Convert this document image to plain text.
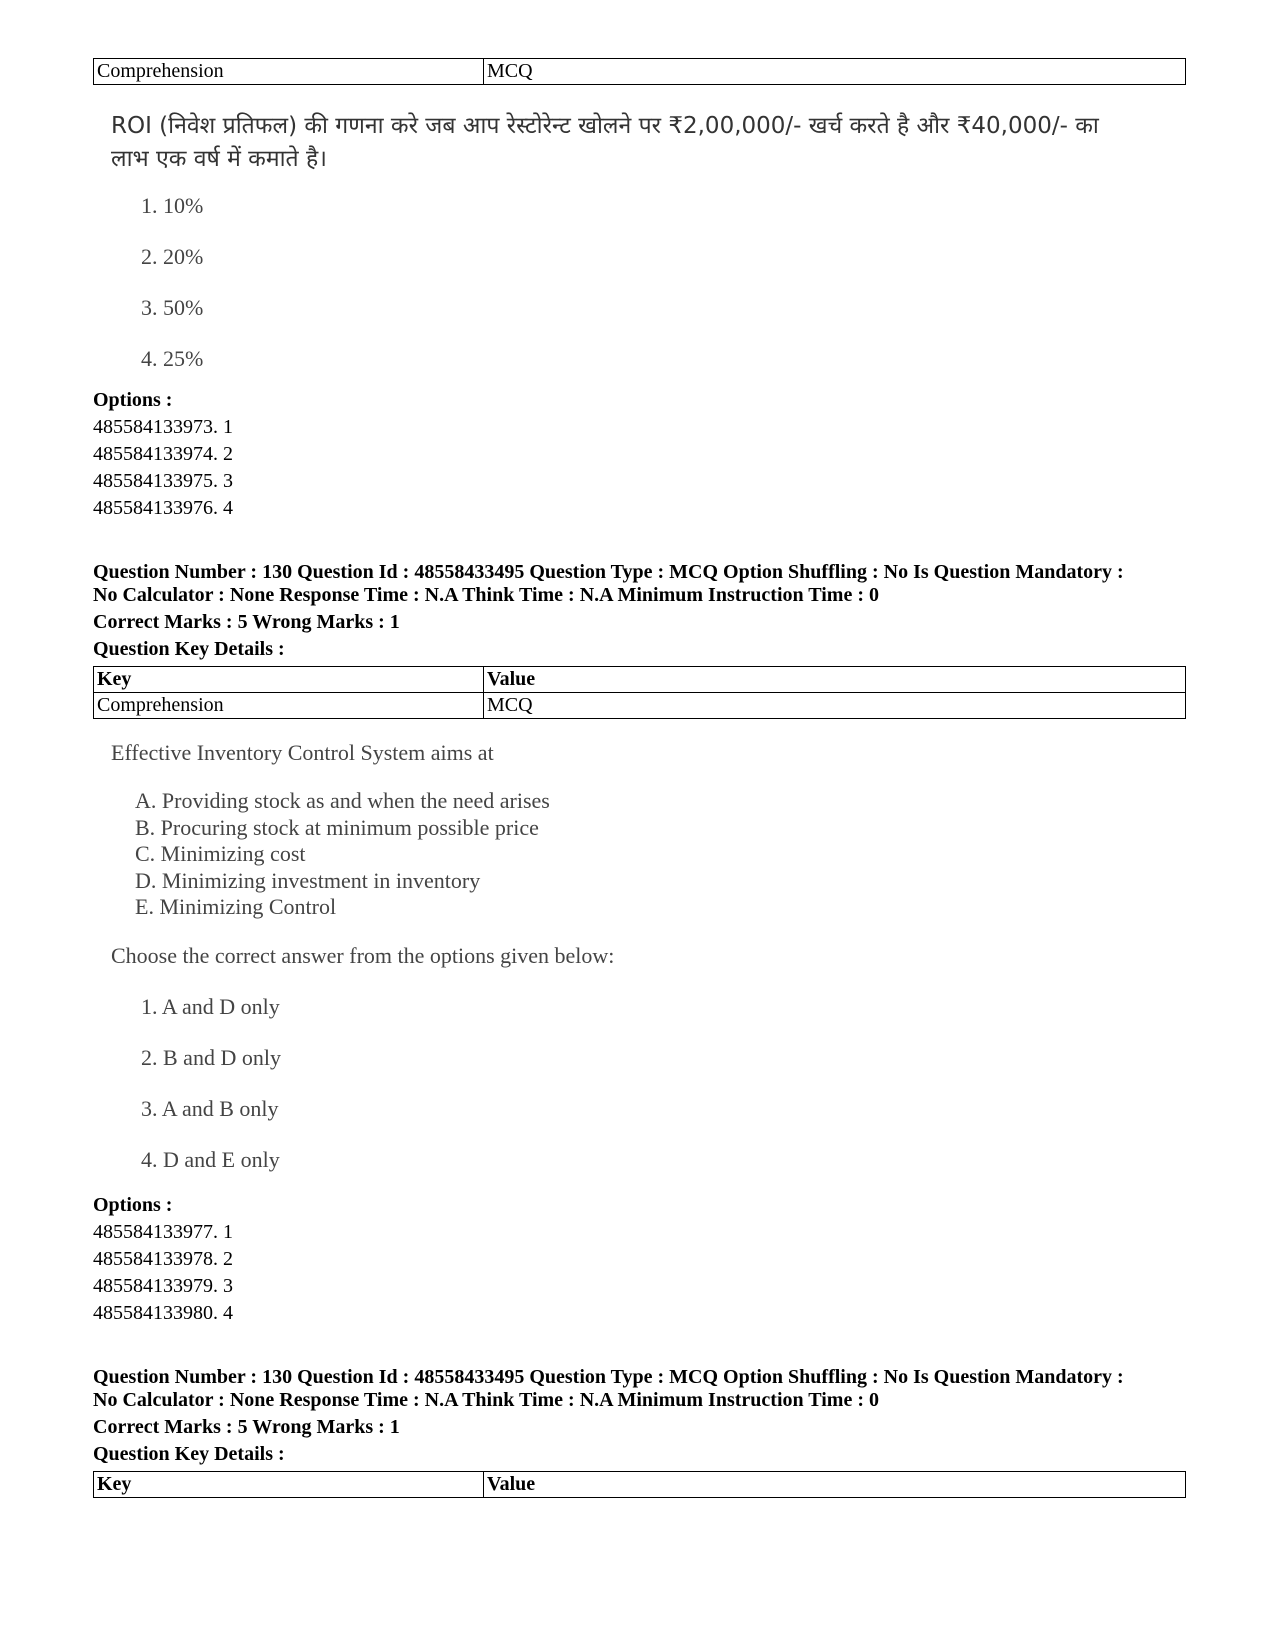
Comprehension	MCQ
ROI (निवेश प्रतिफल) की गणना करे जब आप रेस्टोरेन्ट खोलने पर ₹2,00,000/- खर्च करते है और ₹40,000/- का लाभ एक वर्ष में कमाते है।
1. 10%
2. 20%
3. 50%
4. 25%
Options :
485584133973. 1
485584133974. 2
485584133975. 3
485584133976. 4
Question Number : 130 Question Id : 48558433495 Question Type : MCQ Option Shuffling : No Is Question Mandatory :
No Calculator : None Response Time : N.A Think Time : N.A Minimum Instruction Time : 0
Correct Marks : 5 Wrong Marks : 1
Question Key Details :
Key	Value
Comprehension	MCQ
Effective Inventory Control System aims at
A. Providing stock as and when the need arises
B. Procuring stock at minimum possible price
C. Minimizing cost
D. Minimizing investment in inventory
E. Minimizing Control
Choose the correct answer from the options given below:
1. A and D only
2. B and D only
3. A and B only
4. D and E only
Options :
485584133977. 1
485584133978. 2
485584133979. 3
485584133980. 4
Question Number : 130 Question Id : 48558433495 Question Type : MCQ Option Shuffling : No Is Question Mandatory :
No Calculator : None Response Time : N.A Think Time : N.A Minimum Instruction Time : 0
Correct Marks : 5 Wrong Marks : 1
Question Key Details :
Key	Value
